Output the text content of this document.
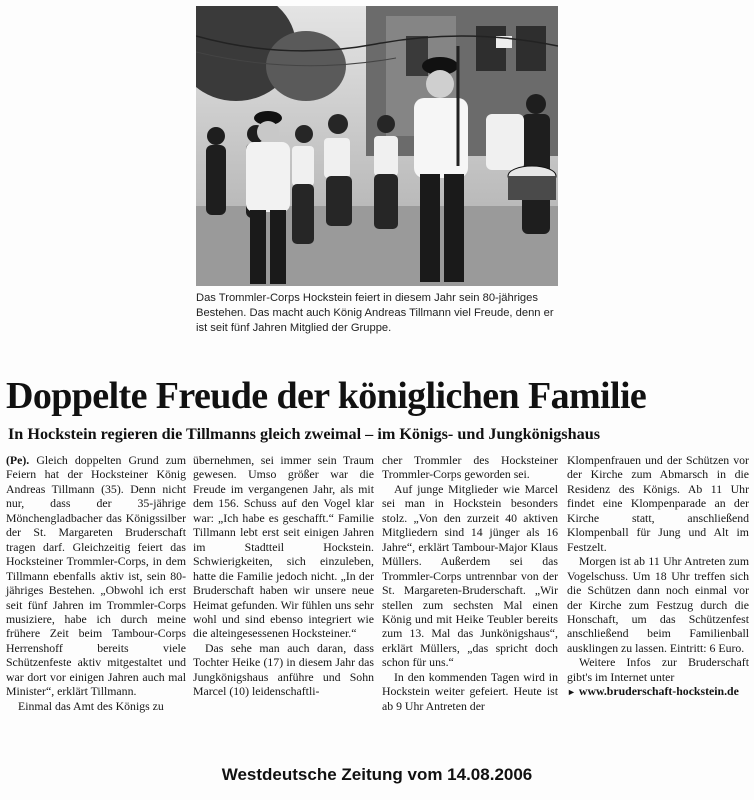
Das Trommler-Corps Hockstein feiert in diesem Jahr sein 80-jähriges Bestehen. Das macht auch König Andreas Tillmann viel Freude, denn er ist seit fünf Jahren Mitglied der Gruppe.
Doppelte Freude der königlichen Familie
In Hockstein regieren die Tillmanns gleich zweimal – im Königs- und Jungkönigshaus

(Pe). Gleich doppelten Grund zum Feiern hat der Hocksteiner König Andreas Tillmann (35). Denn nicht nur, dass der 35-jährige Mönchengladbacher das Königssilber der St. Margareten Bruderschaft tragen darf. Gleichzeitig feiert das Hocksteiner Trommler-Corps, in dem Tillmann ebenfalls aktiv ist, sein 80-jähriges Bestehen. „Obwohl ich erst seit fünf Jahren im Trommler-Corps musiziere, habe ich durch meine frühere Zeit beim Tambour-Corps Herrenshoff bereits viele Schützenfeste aktiv mitgestaltet und war dort vor einigen Jahren auch mal Minister“, erklärt Tillmann.

Einmal das Amt des Königs zu

übernehmen, sei immer sein Traum gewesen. Umso größer war die Freude im vergangenen Jahr, als mit dem 156. Schuss auf den Vogel klar war: „Ich habe es geschafft.“ Familie Tillmann lebt erst seit einigen Jahren im Stadtteil Hockstein. Schwierigkeiten, sich einzuleben, hatte die Familie jedoch nicht. „In der Bruderschaft haben wir unsere neue Heimat gefunden. Wir fühlen uns sehr wohl und sind ebenso integriert wie die alteingesessenen Hocksteiner.“

Das sehe man auch daran, dass Tochter Heike (17) in diesem Jahr das Jungkönigshaus anführe und Sohn Marcel (10) leidenschaftli-

cher Trommler des Hocksteiner Trommler-Corps geworden sei.

Auf junge Mitglieder wie Marcel sei man in Hockstein besonders stolz. „Von den zurzeit 40 aktiven Mitgliedern sind 14 jünger als 16 Jahre“, erklärt Tambour-Major Klaus Müllers. Außerdem sei das Trommler-Corps untrennbar von der St. Margareten-Bruderschaft. „Wir stellen zum sechsten Mal einen König und mit Heike Teubler bereits zum 13. Mal das Junkönigshaus“, erklärt Müllers, „das spricht doch schon für uns.“

In den kommenden Tagen wird in Hockstein weiter gefeiert. Heute ist ab 9 Uhr Antreten der

Klompenfrauen und der Schützen vor der Kirche zum Abmarsch in die Residenz des Königs. Ab 11 Uhr findet eine Klompenparade an der Kirche statt, anschließend Klompenball für Jung und Alt im Festzelt.

Morgen ist ab 11 Uhr Antreten zum Vogelschuss. Um 18 Uhr treffen sich die Schützen dann noch einmal vor der Kirche zum Festzug durch die Honschaft, um das Schützenfest anschließend beim Familienball ausklingen zu lassen. Eintritt: 6 Euro.

Weitere Infos zur Bruderschaft gibt's im Internet unter

► www.bruderschaft-hockstein.de

Westdeutsche Zeitung vom 14.08.2006
